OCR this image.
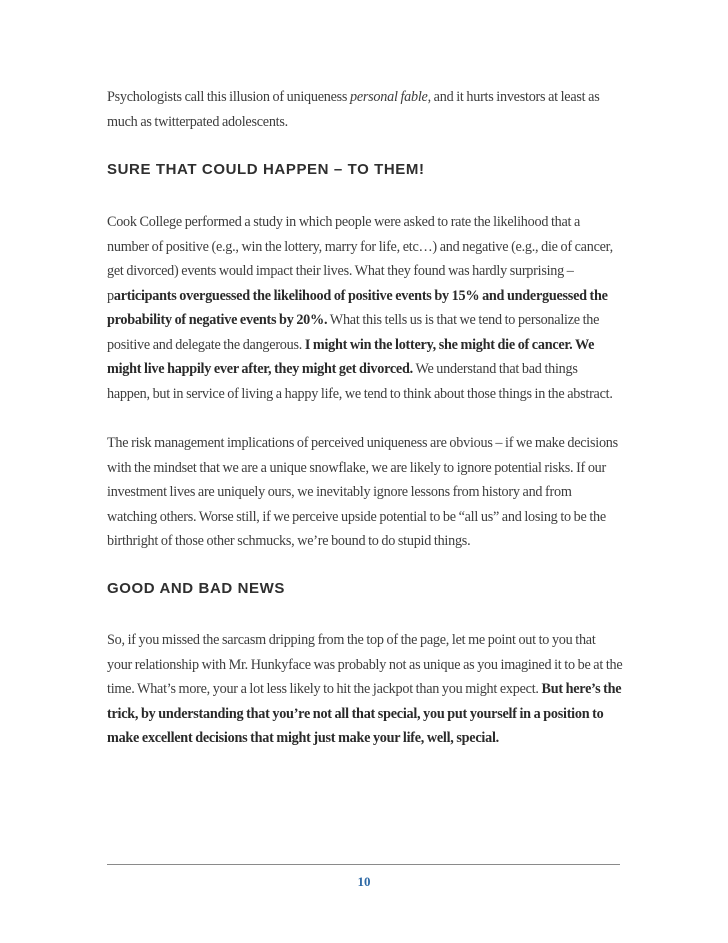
Psychologists call this illusion of uniqueness personal fable, and it hurts investors at least as much as twitterpated adolescents.

SURE THAT COULD HAPPEN – TO THEM!

Cook College performed a study in which people were asked to rate the likelihood that a number of positive (e.g., win the lottery, marry for life, etc…) and negative (e.g., die of cancer, get divorced) events would impact their lives. What they found was hardly surprising – participants overguessed the likelihood of positive events by 15% and underguessed the probability of negative events by 20%. What this tells us is that we tend to personalize the positive and delegate the dangerous. I might win the lottery, she might die of cancer. We might live happily ever after, they might get divorced. We understand that bad things happen, but in service of living a happy life, we tend to think about those things in the abstract.

The risk management implications of perceived uniqueness are obvious – if we make decisions with the mindset that we are a unique snowflake, we are likely to ignore potential risks. If our investment lives are uniquely ours, we inevitably ignore lessons from history and from watching others. Worse still, if we perceive upside potential to be “all us” and losing to be the birthright of those other schmucks, we’re bound to do stupid things.

GOOD AND BAD NEWS

So, if you missed the sarcasm dripping from the top of the page, let me point out to you that your relationship with Mr. Hunkyface was probably not as unique as you imagined it to be at the time. What’s more, your a lot less likely to hit the jackpot than you might expect. But here’s the trick, by understanding that you’re not all that special, you put yourself in a position to make excellent decisions that might just make your life, well, special.

10
